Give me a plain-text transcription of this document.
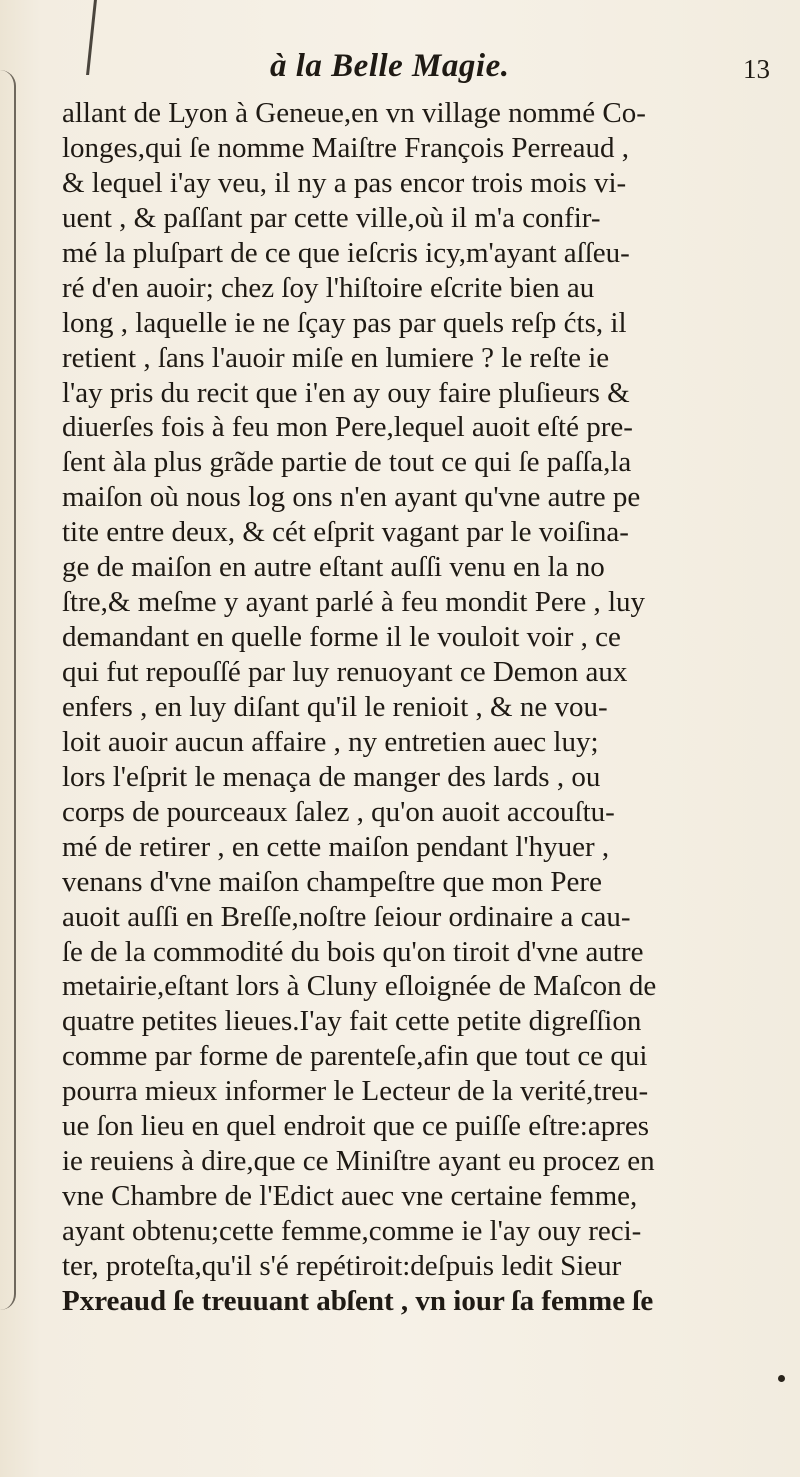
à la Belle Magie.	13
allant de Lyon à Geneue,en vn village nommé Co-
longes,qui ſe nomme Maiſtre François Perreaud ,
& lequel i'ay veu, il ny a pas encor trois mois vi-
uent , & paſſant par cette ville,où il m'a confir-
mé la pluſpart de ce que ieſcris icy,m'ayant aſſeu-
ré d'en auoir; chez ſoy l'hiſtoire eſcrite bien au
long , laquelle ie ne ſçay pas par quels reſp ćts, il
retient , ſans l'auoir miſe en lumiere ? le reſte ie
l'ay pris du recit que i'en ay ouy faire pluſieurs &
diuerſes fois à feu mon Pere,lequel auoit eſté pre-
ſent àla plus grãde partie de tout ce qui ſe paſſa,la
maiſon où nous log ons n'en ayant qu'vne autre pe
tite entre deux, & cét eſprit vagant par le voiſina-
ge de maiſon en autre eſtant auſſi venu en la no
ſtre,& meſme y ayant parlé à feu mondit Pere , luy
demandant en quelle forme il le vouloit voir , ce
qui fut repouſſé par luy renuoyant ce Demon aux
enfers , en luy diſant qu'il le renioit , & ne vou-
loit auoir aucun affaire , ny entretien auec luy;
lors l'eſprit le menaça de manger des lards , ou
corps de pourceaux ſalez , qu'on auoit accouſtu-
mé de retirer , en cette maiſon pendant l'hyuer ,
venans d'vne maiſon champeſtre que mon Pere
auoit auſſi en Breſſe,noſtre ſeiour ordinaire a cau-
ſe de la commodité du bois qu'on tiroit d'vne autre
metairie,eſtant lors à Cluny eſloignée de Maſcon de
quatre petites lieues.I'ay fait cette petite digreſſion
comme par forme de parenteſe,afin que tout ce qui
pourra mieux informer le Lecteur de la verité,treu-
ue ſon lieu en quel endroit que ce puiſſe eſtre:apres
ie reuiens à dire,que ce Miniſtre ayant eu procez en
vne Chambre de l'Edict auec vne certaine femme,
ayant obtenu;cette femme,comme ie l'ay ouy reci-
ter, proteſta,qu'il s'é repétiroit:deſpuis ledit Sieur
Pxreaud ſe treuuant abſent , vn iour ſa femme ſe
